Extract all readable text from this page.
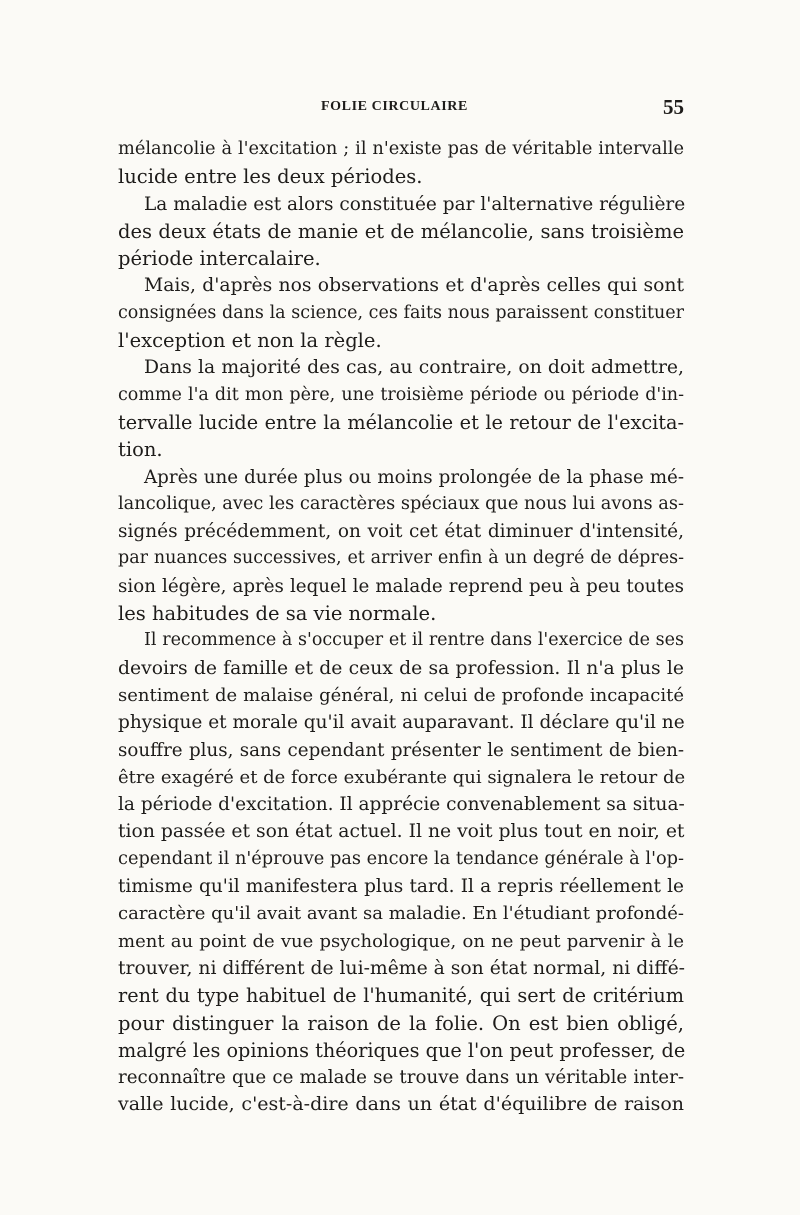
FOLIE CIRCULAIRE	55
mélancolie à l'excitation ; il n'existe pas de véritable intervalle
lucide entre les deux périodes.
La maladie est alors constituée par l'alternative régulière
des deux états de manie et de mélancolie, sans troisième
période intercalaire.
Mais, d'après nos observations et d'après celles qui sont
consignées dans la science, ces faits nous paraissent constituer
l'exception et non la règle.
Dans la majorité des cas, au contraire, on doit admettre,
comme l'a dit mon père, une troisième période ou période d'in-
tervalle lucide entre la mélancolie et le retour de l'excita-
tion.
Après une durée plus ou moins prolongée de la phase mé-
lancolique, avec les caractères spéciaux que nous lui avons as-
signés précédemment, on voit cet état diminuer d'intensité,
par nuances successives, et arriver enfin à un degré de dépres-
sion légère, après lequel le malade reprend peu à peu toutes
les habitudes de sa vie normale.
Il recommence à s'occuper et il rentre dans l'exercice de ses
devoirs de famille et de ceux de sa profession. Il n'a plus le
sentiment de malaise général, ni celui de profonde incapacité
physique et morale qu'il avait auparavant. Il déclare qu'il ne
souffre plus, sans cependant présenter le sentiment de bien-
être exagéré et de force exubérante qui signalera le retour de
la période d'excitation. Il apprécie convenablement sa situa-
tion passée et son état actuel. Il ne voit plus tout en noir, et
cependant il n'éprouve pas encore la tendance générale à l'op-
timisme qu'il manifestera plus tard. Il a repris réellement le
caractère qu'il avait avant sa maladie. En l'étudiant profondé-
ment au point de vue psychologique, on ne peut parvenir à le
trouver, ni différent de lui-même à son état normal, ni diffé-
rent du type habituel de l'humanité, qui sert de critérium
pour distinguer la raison de la folie. On est bien obligé,
malgré les opinions théoriques que l'on peut professer, de
reconnaître que ce malade se trouve dans un véritable inter-
valle lucide, c'est-à-dire dans un état d'équilibre de raison
